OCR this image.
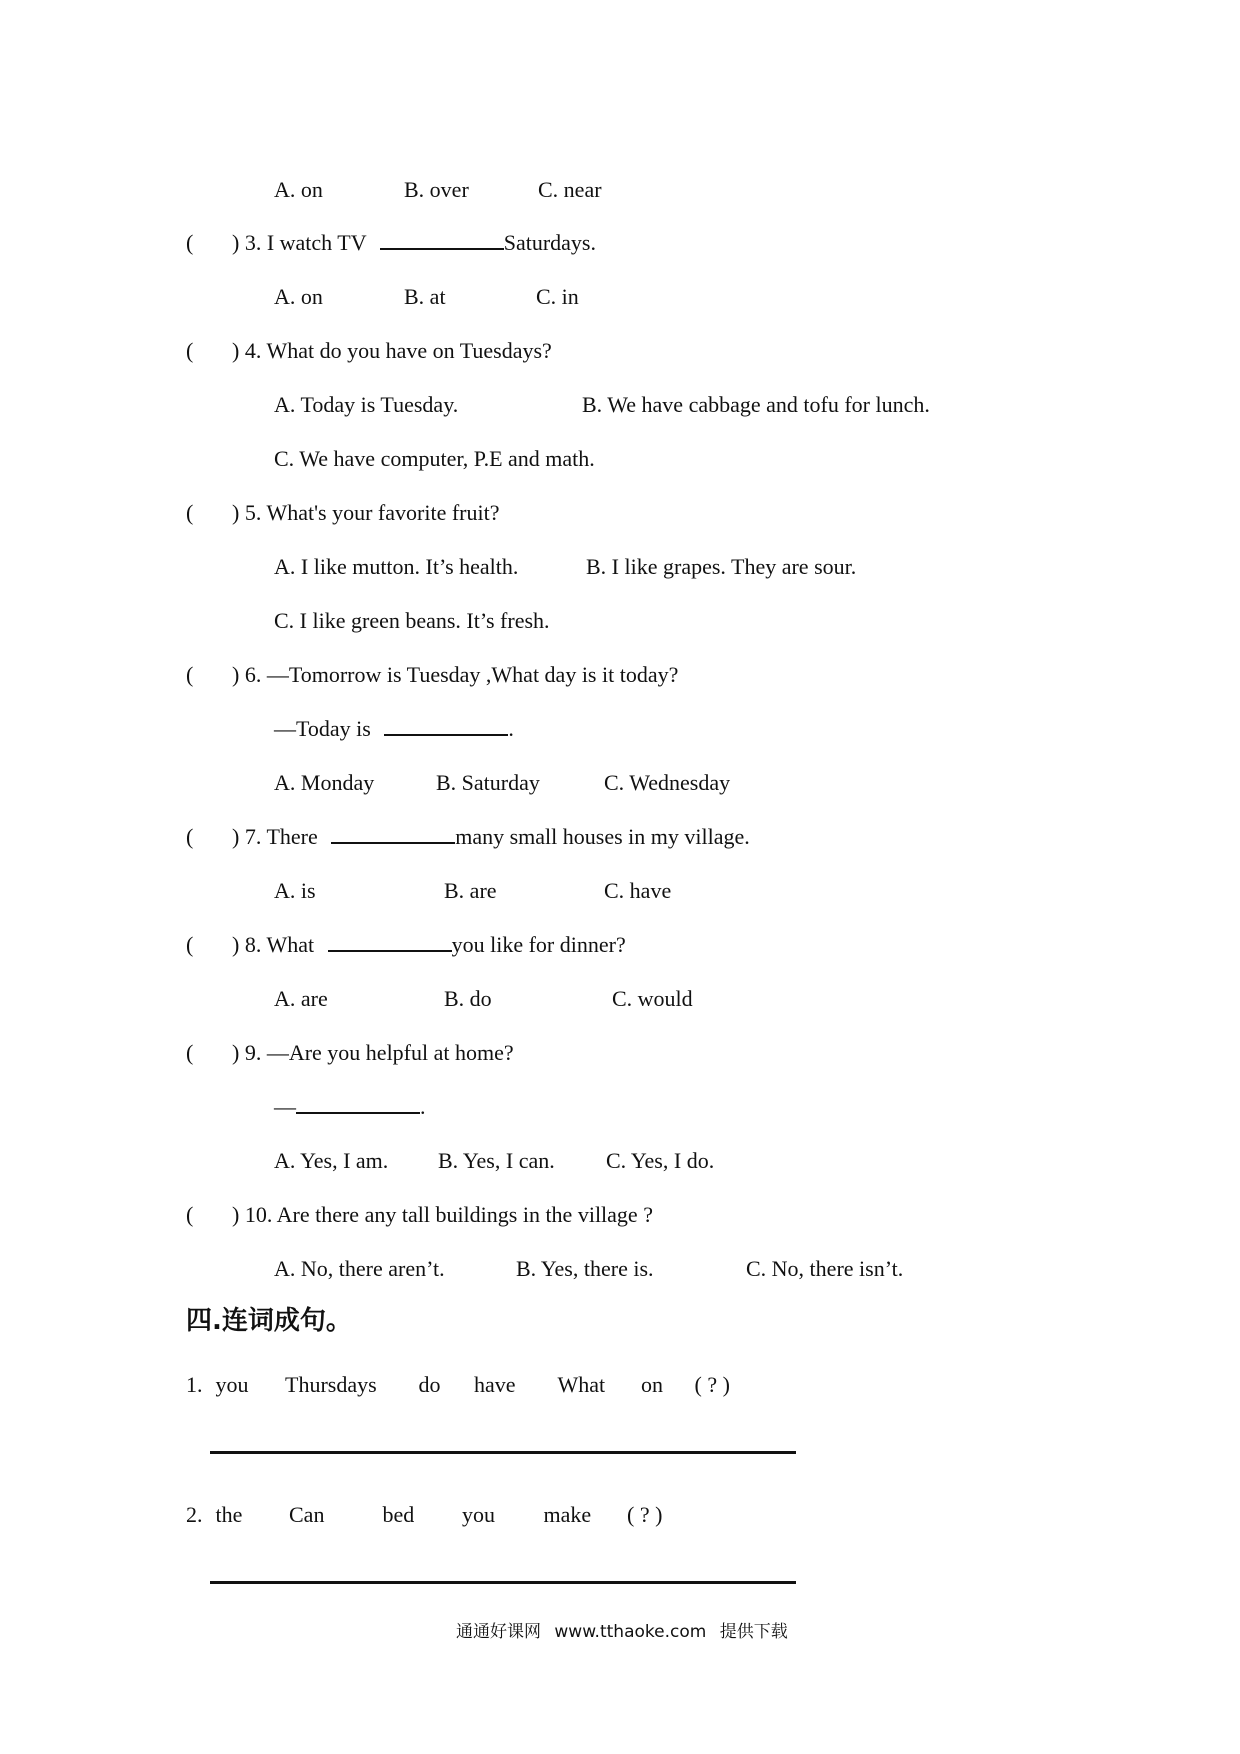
A. on	B. over	C. near
( ) 3. I watch TV	Saturdays.
A. on	B. at	C. in
( ) 4. What do you have on Tuesdays?
A. Today is Tuesday.	B. We have cabbage and tofu for lunch.
C. We have computer, P.E and math.
( ) 5. What's your favorite fruit?
A. I like mutton. It’s health.	B. I like grapes. They are sour.
C. I like green beans. It’s fresh.
( ) 6. —Tomorrow is Tuesday ,What day is it today?
—Today is	.
A. Monday	B. Saturday	C. Wednesday
( ) 7. There	many small houses in my village.
A. is	B. are	C. have
( ) 8. What	you like for dinner?
A. are	B. do	C. would
( ) 9. —Are you helpful at home?
—	.
A. Yes, I am. B. Yes, I can. C. Yes, I do.
( ) 10. Are there any tall buildings in the village ?
A. No, there aren’t.	B. Yes, there is.	C. No, there isn’t.
四.连词成句。
1. you Thursdays do have What on ( ? )
2. the Can	bed you make ( ? )
通通好课网 www.tthaoke.com 提供下载
